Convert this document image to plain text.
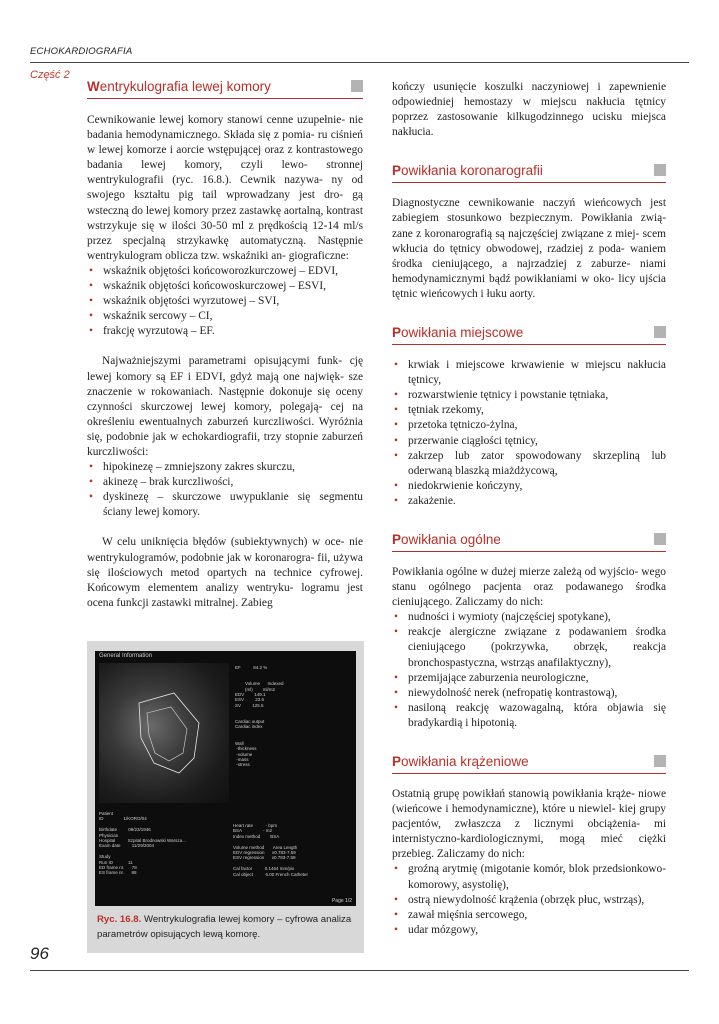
ECHOKARDIOGRAFIA
Część 2
Wentrykulografia lewej komory

Cewnikowanie lewej komory stanowi cenne uzupełnie- nie badania hemodynamicznego. Składa się z pomia- ru ciśnień w lewej komorze i aorcie wstępującej oraz z kontrastowego badania lewej komory, czyli lewo- stronnej wentrykulografii (ryc. 16.8.). Cewnik nazywa- ny od swojego kształtu pig tail wprowadzany jest dro- gą wsteczną do lewej komory przez zastawkę aortalną, kontrast wstrzykuje się w ilości 30-50 ml z prędkością 12-14 ml/s przez specjalną strzykawkę automatyczną. Następnie wentrykulogram oblicza tzw. wskaźniki an- giograficzne:

• wskaźnik objętości końcoworozkurczowej – EDVI,
• wskaźnik objętości końcowoskurczowej – ESVI,
• wskaźnik objętości wyrzutowej – SVI,
• wskaźnik sercowy – CI,
• frakcję wyrzutową – EF.

Najważniejszymi parametrami opisującymi funk- cję lewej komory są EF i EDVI, gdyż mają one najwięk- sze znaczenie w rokowaniach. Następnie dokonuje się oceny czynności skurczowej lewej komory, polegają- cej na określeniu ewentualnych zaburzeń kurczliwości. Wyróżnia się, podobnie jak w echokardiografii, trzy stopnie zaburzeń kurczliwości:

• hipokinezę – zmniejszony zakres skurczu,
• akinezę – brak kurczliwości,
• dyskinezę – skurczowe uwypuklanie się segmentu ściany lewej komory.

W celu uniknięcia błędów (subiektywnych) w oce- nie wentrykulogramów, podobnie jak w koronarogra- fii, używa się ilościowych metod opartych na technice cyfrowej. Końcowym elementem analizy wentryku- logramu jest ocena funkcji zastawki mitralnej. Zabieg

General Information
EF          84.2 %

Volume      Indexed
(ml)        ml/m2
EDV        149.1
ESV         23.6
SV         125.5

Cardiac output
Cardiac index

Wall
-thickness
-volume
-mass
-stress
Patient
ID                1/KORO/04

Birthdate         09/23/1946
Physician
Hospital          Szpital Brodnowski Warsza...
Exam date         11/29/2004

Study
Run ID            11
ED frame nr.      78
ES frame nr.      88
Heart rate          - bpm
BSA                 - m2
Index method        BSA

Volume method       Area Length
EDV regression      x0.783-7.59
ESV regression      x0.783-7.59

Cal factor          0.1464 mm/pix
Cal object          6.00 French Catheter
Page 1/2
Ryc. 16.8. Wentrykulografia lewej komory – cyfrowa analiza
parametrów opisujących lewą komorę.

kończy usunięcie koszulki naczyniowej i zapewnienie odpowiedniej hemostazy w miejscu nakłucia tętnicy poprzez zastosowanie kilkugodzinnego ucisku miejsca nakłucia.

Powikłania koronarografii

Diagnostyczne cewnikowanie naczyń wieńcowych jest zabiegiem stosunkowo bezpiecznym. Powikłania zwią- zane z koronarografią są najczęściej związane z miej- scem wkłucia do tętnicy obwodowej, rzadziej z poda- waniem środka cieniującego, a najrzadziej z zaburze- niami hemodynamicznymi bądź powikłaniami w oko- licy ujścia tętnic wieńcowych i łuku aorty.

Powikłania miejscowe
• krwiak i miejscowe krwawienie w miejscu nakłucia tętnicy,
• rozwarstwienie tętnicy i powstanie tętniaka,
• tętniak rzekomy,
• przetoka tętniczo-żylna,
• przerwanie ciągłości tętnicy,
• zakrzep lub zator spowodowany skrzepliną lub oderwaną blaszką miażdżycową,
• niedokrwienie kończyny,
• zakażenie.
Powikłania ogólne

Powikłania ogólne w dużej mierze zależą od wyjścio- wego stanu ogólnego pacjenta oraz podawanego środka cieniującego. Zaliczamy do nich:

• nudności i wymioty (najczęściej spotykane),
• reakcje alergiczne związane z podawaniem środka cieniującego (pokrzywka, obrzęk, reakcja bronchospastyczna, wstrząs anafilaktyczny),
• przemijające zaburzenia neurologiczne,
• niewydolność nerek (nefropatię kontrastową),
• nasiloną reakcję wazowagalną, która objawia się bradykardią i hipotonią.
Powikłania krążeniowe

Ostatnią grupę powikłań stanowią powikłania krąże- niowe (wieńcowe i hemodynamiczne), które u niewiel- kiej grupy pacjentów, zwłaszcza z licznymi obciążenia- mi internistyczno-kardiologicznymi, mogą mieć ciężki przebieg. Zaliczamy do nich:

• groźną arytmię (migotanie komór, blok przedsionkowo-komorowy, asystolię),
• ostrą niewydolność krążenia (obrzęk płuc, wstrząs),
• zawał mięśnia sercowego,
• udar mózgowy,
96
